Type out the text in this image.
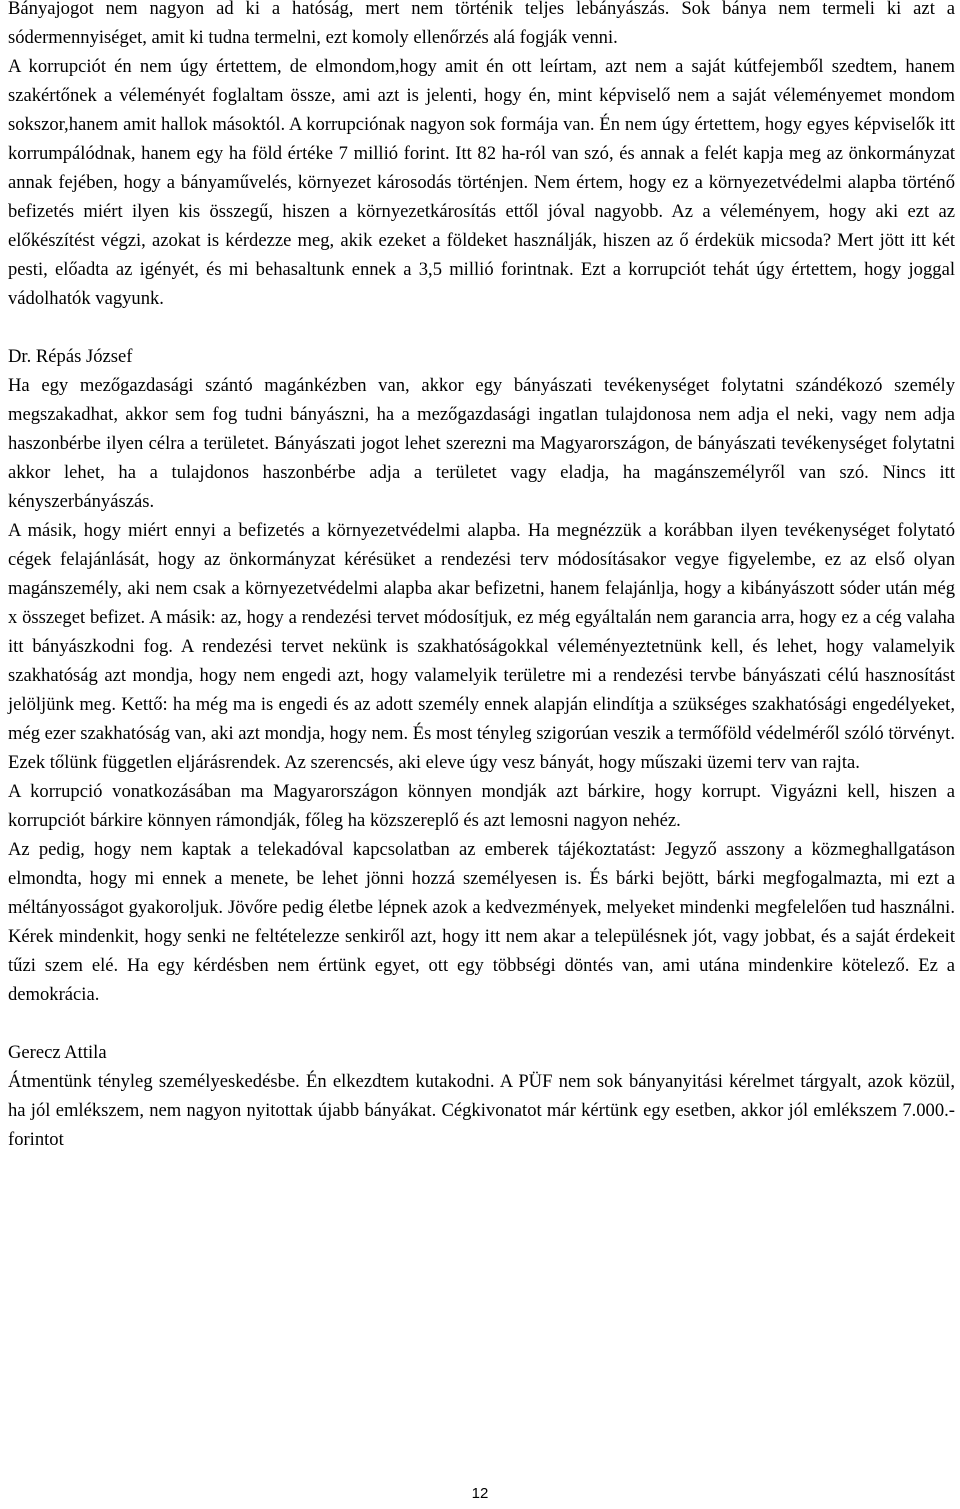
Bányajogot nem nagyon ad ki a hatóság, mert nem történik teljes lebányászás. Sok bánya nem termeli ki azt a sódermennyiséget, amit ki tudna termelni, ezt komoly ellenőrzés alá fogják venni.

A korrupciót én nem úgy értettem, de elmondom,hogy amit én ott leírtam, azt nem a saját kútfejemből szedtem, hanem szakértőnek a véleményét foglaltam össze, ami azt is jelenti, hogy én, mint képviselő nem a saját véleményemet mondom sokszor,hanem amit hallok másoktól. A korrupciónak nagyon sok formája van. Én nem úgy értettem, hogy egyes képviselők itt korrumpálódnak, hanem egy ha föld értéke 7 millió forint. Itt 82 ha-ról van szó, és annak a felét kapja meg az önkormányzat annak fejében, hogy a bányaművelés, környezet károsodás történjen. Nem értem, hogy ez a környezetvédelmi alapba történő befizetés miért ilyen kis összegű, hiszen a környezetkárosítás ettől jóval nagyobb. Az a véleményem, hogy aki ezt az előkészítést végzi, azokat is kérdezze meg, akik ezeket a földeket használják, hiszen az ő érdekük micsoda? Mert jött itt két pesti, előadta az igényét, és mi behasaltunk ennek a 3,5 millió forintnak. Ezt a korrupciót tehát úgy értettem, hogy joggal vádolhatók vagyunk.

Dr. Répás József

Ha egy mezőgazdasági szántó magánkézben van, akkor egy bányászati tevékenységet folytatni szándékozó személy megszakadhat, akkor sem fog tudni bányászni, ha a mezőgazdasági ingatlan tulajdonosa nem adja el neki, vagy nem adja haszonbérbe ilyen célra a területet. Bányászati jogot lehet szerezni ma Magyarországon, de bányászati tevékenységet folytatni akkor lehet, ha a tulajdonos haszonbérbe adja a területet vagy eladja, ha magánszemélyről van szó. Nincs itt kényszerbányászás.

A másik, hogy miért ennyi a befizetés a környezetvédelmi alapba. Ha megnézzük a korábban ilyen tevékenységet folytató cégek felajánlását, hogy az önkormányzat kérésüket a rendezési terv módosításakor vegye figyelembe, ez az első olyan magánszemély, aki nem csak a környezetvédelmi alapba akar befizetni, hanem felajánlja, hogy a kibányászott sóder után még x összeget befizet. A másik: az, hogy a rendezési tervet módosítjuk, ez még egyáltalán nem garancia arra, hogy ez a cég valaha itt bányászkodni fog. A rendezési tervet nekünk is szakhatóságokkal véleményeztetnünk kell, és lehet, hogy valamelyik szakhatóság azt mondja, hogy nem engedi azt, hogy valamelyik területre mi a rendezési tervbe bányászati célú hasznosítást jelöljünk meg. Kettő: ha még ma is engedi és az adott személy ennek alapján elindítja a szükséges szakhatósági engedélyeket, még ezer szakhatóság van, aki azt mondja, hogy nem. És most tényleg szigorúan veszik a termőföld védelméről szóló törvényt. Ezek tőlünk független eljárásrendek. Az szerencsés, aki eleve úgy vesz bányát, hogy műszaki üzemi terv van rajta.

A korrupció vonatkozásában ma Magyarországon könnyen mondják azt bárkire, hogy korrupt. Vigyázni kell, hiszen a korrupciót bárkire könnyen rámondják, főleg ha közszereplő és azt lemosni nagyon nehéz.

Az pedig, hogy nem kaptak a telekadóval kapcsolatban az emberek tájékoztatást: Jegyző asszony a közmeghallgatáson elmondta, hogy mi ennek a menete, be lehet jönni hozzá személyesen is. És bárki bejött, bárki megfogalmazta, mi ezt a méltányosságot gyakoroljuk. Jövőre pedig életbe lépnek azok a kedvezmények, melyeket mindenki megfelelően tud használni. Kérek mindenkit, hogy senki ne feltételezze senkiről azt, hogy itt nem akar a településnek jót, vagy jobbat, és a saját érdekeit tűzi szem elé. Ha egy kérdésben nem értünk egyet, ott egy többségi döntés van, ami utána mindenkire kötelező. Ez a demokrácia.

Gerecz Attila

Átmentünk tényleg személyeskedésbe. Én elkezdtem kutakodni. A PÜF nem sok bányanyitási kérelmet tárgyalt, azok közül, ha jól emlékszem, nem nagyon nyitottak újabb bányákat. Cégkivonatot már kértünk egy esetben, akkor jól emlékszem 7.000.- forintot

12
